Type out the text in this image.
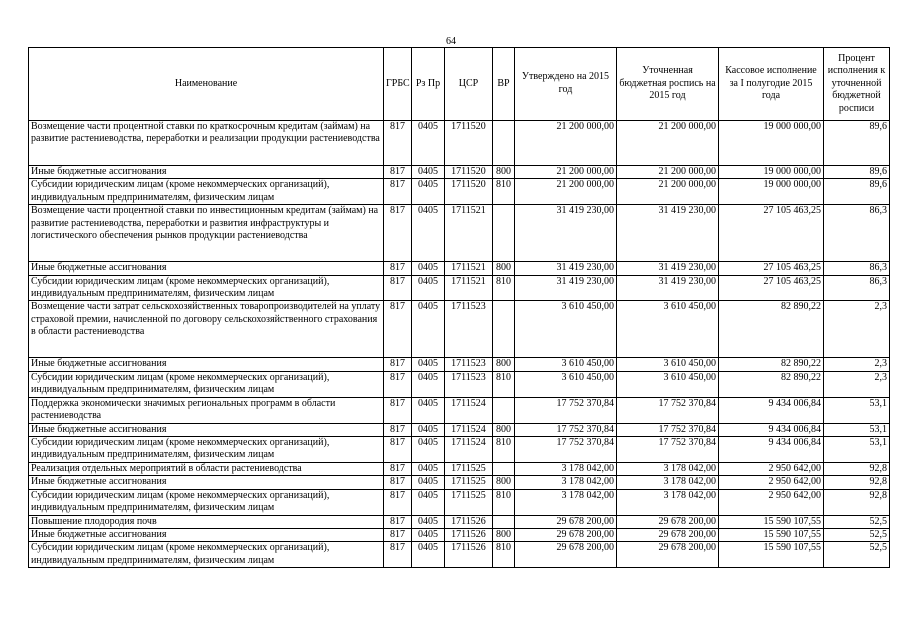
64
Наименование	ГРБС	Рз Пр	ЦСР	ВР	Утверждено на 2015 год	Уточненная бюджетная роспись на 2015 год	Кассовое исполнение за I полугодие 2015 года	Процент исполнения к уточненной бюджетной росписи
Возмещение части процентной ставки по краткосрочным кредитам (займам) на развитие растениеводства, переработки и реализации продукции растениеводства	817	0405	1711520		21 200 000,00	21 200 000,00	19 000 000,00	89,6
Иные бюджетные ассигнования	817	0405	1711520	800	21 200 000,00	21 200 000,00	19 000 000,00	89,6
Субсидии юридическим лицам (кроме некоммерческих организаций), индивидуальным предпринимателям, физическим лицам	817	0405	1711520	810	21 200 000,00	21 200 000,00	19 000 000,00	89,6
Возмещение части процентной ставки по инвестиционным кредитам (займам) на развитие растениеводства, переработки и развития инфраструктуры и логистического обеспечения рынков продукции растениеводства	817	0405	1711521		31 419 230,00	31 419 230,00	27 105 463,25	86,3
Иные бюджетные ассигнования	817	0405	1711521	800	31 419 230,00	31 419 230,00	27 105 463,25	86,3
Субсидии юридическим лицам (кроме некоммерческих организаций), индивидуальным предпринимателям, физическим лицам	817	0405	1711521	810	31 419 230,00	31 419 230,00	27 105 463,25	86,3
Возмещение части затрат сельскохозяйственных товаропроизводителей на уплату страховой премии, начисленной по договору сельскохозяйственного страхования в области растениеводства	817	0405	1711523		3 610 450,00	3 610 450,00	82 890,22	2,3
Иные бюджетные ассигнования	817	0405	1711523	800	3 610 450,00	3 610 450,00	82 890,22	2,3
Субсидии юридическим лицам (кроме некоммерческих организаций), индивидуальным предпринимателям, физическим лицам	817	0405	1711523	810	3 610 450,00	3 610 450,00	82 890,22	2,3
Поддержка экономически значимых региональных программ в области растениеводства	817	0405	1711524		17 752 370,84	17 752 370,84	9 434 006,84	53,1
Иные бюджетные ассигнования	817	0405	1711524	800	17 752 370,84	17 752 370,84	9 434 006,84	53,1
Субсидии юридическим лицам (кроме некоммерческих организаций), индивидуальным предпринимателям, физическим лицам	817	0405	1711524	810	17 752 370,84	17 752 370,84	9 434 006,84	53,1
Реализация отдельных мероприятий в области растениеводства	817	0405	1711525		3 178 042,00	3 178 042,00	2 950 642,00	92,8
Иные бюджетные ассигнования	817	0405	1711525	800	3 178 042,00	3 178 042,00	2 950 642,00	92,8
Субсидии юридическим лицам (кроме некоммерческих организаций), индивидуальным предпринимателям, физическим лицам	817	0405	1711525	810	3 178 042,00	3 178 042,00	2 950 642,00	92,8
Повышение плодородия почв	817	0405	1711526		29 678 200,00	29 678 200,00	15 590 107,55	52,5
Иные бюджетные ассигнования	817	0405	1711526	800	29 678 200,00	29 678 200,00	15 590 107,55	52,5
Субсидии юридическим лицам (кроме некоммерческих организаций), индивидуальным предпринимателям, физическим лицам	817	0405	1711526	810	29 678 200,00	29 678 200,00	15 590 107,55	52,5
